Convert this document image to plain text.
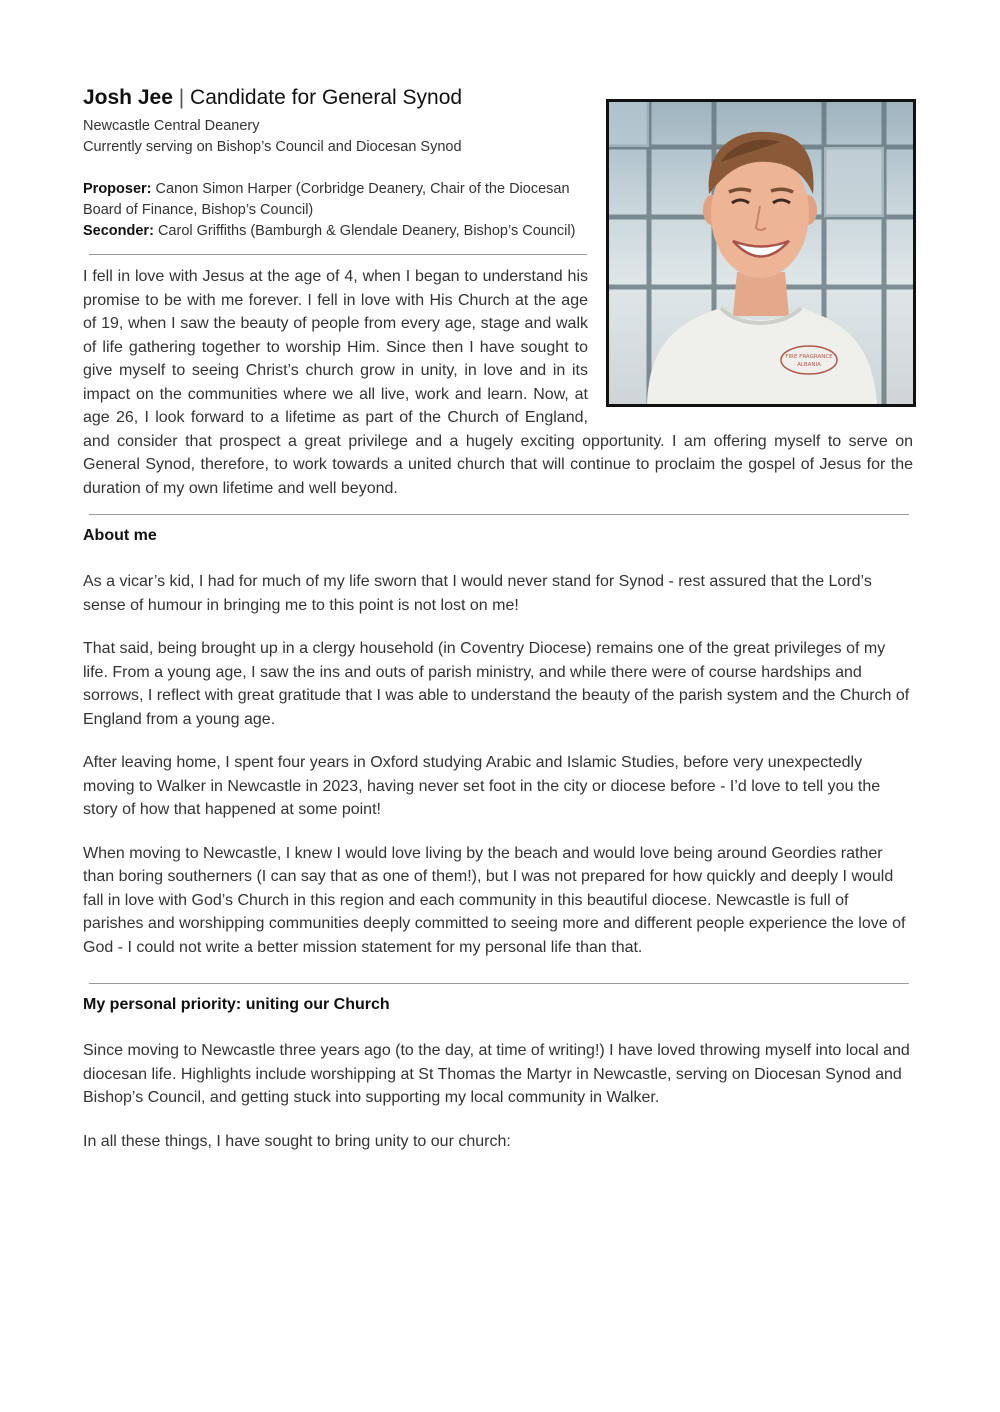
FIRE FRAGRANCE
ALBANIA
Josh Jee | Candidate for General Synod
Newcastle Central Deanery
Currently serving on Bishop’s Council and Diocesan Synod
Proposer: Canon Simon Harper (Corbridge Deanery, Chair of the Diocesan Board of Finance, Bishop’s Council)
Seconder: Carol Griffiths (Bamburgh & Glendale Deanery, Bishop’s Council)
I fell in love with Jesus at the age of 4, when I began to understand his promise to be with me forever. I fell in love with His Church at the age of 19, when I saw the beauty of people from every age, stage and walk of life gathering together to worship Him. Since then I have sought to give myself to seeing Christ’s church grow in unity, in love and in its impact on the communities where we all live, work and learn. Now, at age 26, I look forward to a lifetime as part of the Church of England, and consider that prospect a great privilege and a hugely exciting opportunity. I am offering myself to serve on General Synod, therefore, to work towards a united church that will continue to proclaim the gospel of Jesus for the duration of my own lifetime and well beyond.
About me

As a vicar’s kid, I had for much of my life sworn that I would never stand for Synod - rest assured that the Lord’s sense of humour in bringing me to this point is not lost on me!

That said, being brought up in a clergy household (in Coventry Diocese) remains one of the great privileges of my life. From a young age, I saw the ins and outs of parish ministry, and while there were of course hardships and sorrows, I reflect with great gratitude that I was able to understand the beauty of the parish system and the Church of England from a young age.

After leaving home, I spent four years in Oxford studying Arabic and Islamic Studies, before very unexpectedly moving to Walker in Newcastle in 2023, having never set foot in the city or diocese before - I’d love to tell you the story of how that happened at some point!

When moving to Newcastle, I knew I would love living by the beach and would love being around Geordies rather than boring southerners (I can say that as one of them!), but I was not prepared for how quickly and deeply I would fall in love with God’s Church in this region and each community in this beautiful diocese. Newcastle is full of parishes and worshipping communities deeply committed to seeing more and different people experience the love of God - I could not write a better mission statement for my personal life than that.

My personal priority: uniting our Church

Since moving to Newcastle three years ago (to the day, at time of writing!) I have loved throwing myself into local and diocesan life. Highlights include worshipping at St Thomas the Martyr in Newcastle, serving on Diocesan Synod and Bishop’s Council, and getting stuck into supporting my local community in Walker.

In all these things, I have sought to bring unity to our church:
